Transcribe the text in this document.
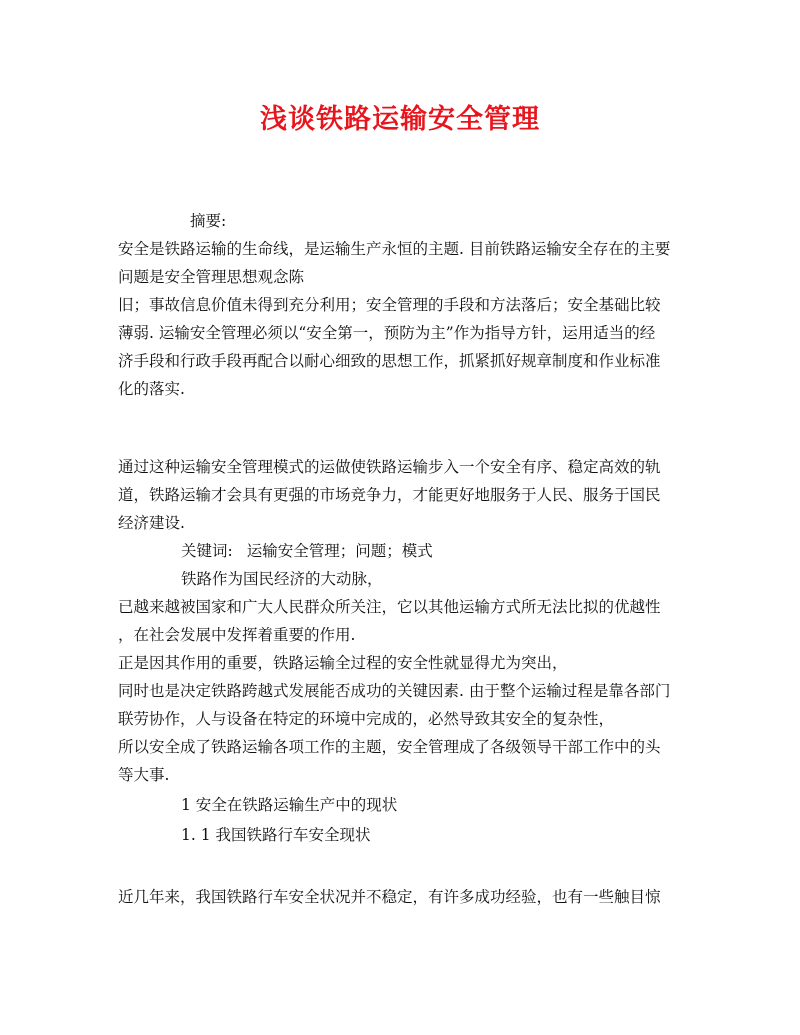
浅谈铁路运输安全管理

摘要:

安全是铁路运输的生命线，是运输生产永恒的主题. 目前铁路运输安全存在的主要

问题是安全管理思想观念陈

旧；事故信息价值未得到充分利用；安全管理的手段和方法落后；安全基础比较

薄弱. 运输安全管理必须以“安全第一，预防为主”作为指导方针，运用适当的经

济手段和行政手段再配合以耐心细致的思想工作，抓紧抓好规章制度和作业标准

化的落实.

通过这种运输安全管理模式的运做使铁路运输步入一个安全有序、稳定高效的轨

道，铁路运输才会具有更强的市场竞争力，才能更好地服务于人民、服务于国民

经济建设.

关键词: 运输安全管理；问题；模式

铁路作为国民经济的大动脉，

已越来越被国家和广大人民群众所关注，它以其他运输方式所无法比拟的优越性

，在社会发展中发挥着重要的作用.

正是因其作用的重要，铁路运输全过程的安全性就显得尤为突出，

同时也是决定铁路跨越式发展能否成功的关键因素. 由于整个运输过程是靠各部门

联劳协作，人与设备在特定的环境中完成的，必然导致其安全的复杂性，

所以安全成了铁路运输各项工作的主题，安全管理成了各级领导干部工作中的头

等大事.

1 安全在铁路运输生产中的现状

1. 1 我国铁路行车安全现状

近几年来，我国铁路行车安全状况并不稳定，有许多成功经验，也有一些触目惊
